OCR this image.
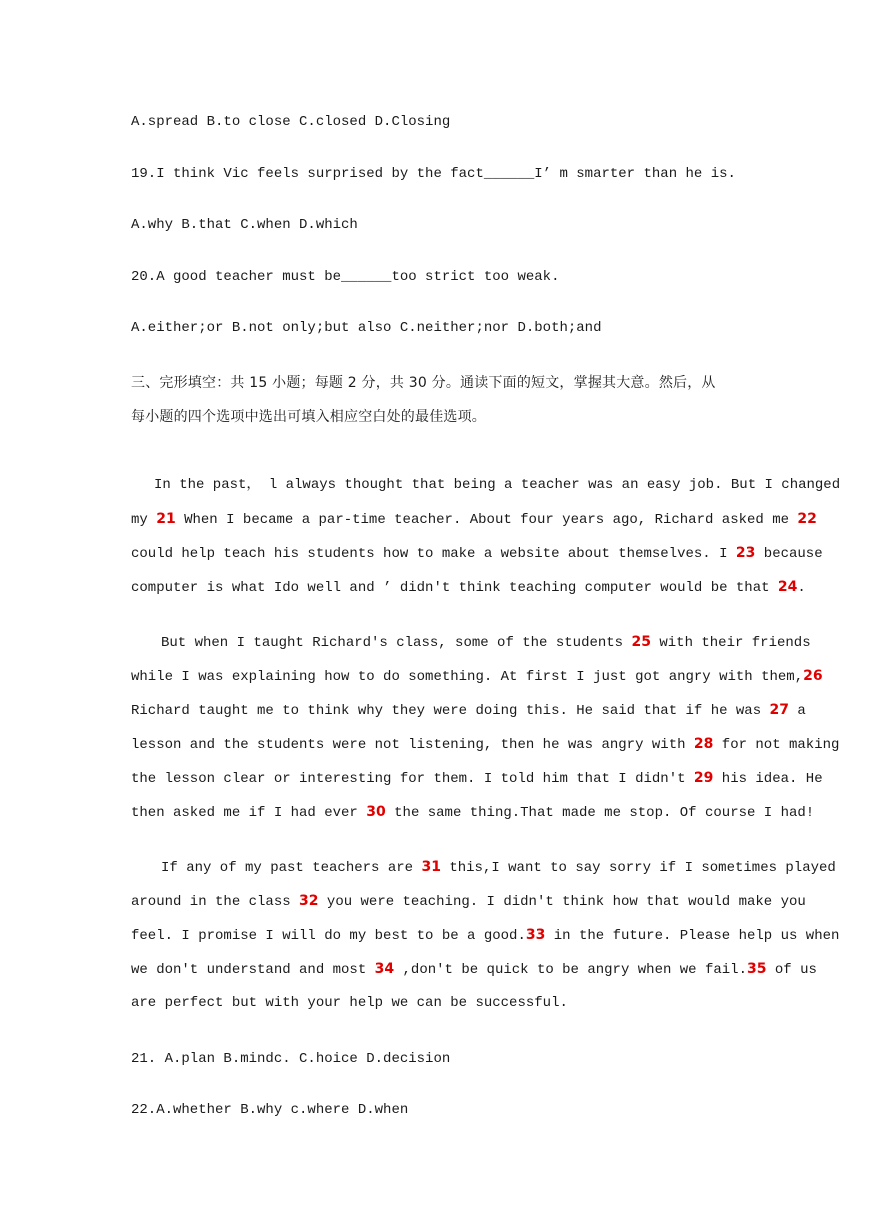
A.spread B.to close C.closed D.Closing

19.I think Vic feels surprised by the fact______I’ m smarter than he is.

A.why B.that C.when D.which

20.A good teacher must be______too strict too weak.

A.either;or B.not only;but also C.neither;nor D.both;and

三、完形填空：共 15 小题；每题 2 分，共 30 分。通读下面的短文，掌握其大意。然后，从
每小题的四个选项中选出可填入相应空白处的最佳选项。
In the past， l always thought that being a teacher was an easy job. But I changed
my 21 When I became a par-time teacher. About four years ago, Richard asked me 22
could help teach his students how to make a website about themselves. I 23 because
computer is what Ido well and ’ didn't think teaching computer would be that 24.
But when I taught Richard's class, some of the students 25 with their friends
while I was explaining how to do something. At first I just got angry with them,26
Richard taught me to think why they were doing this. He said that if he was 27 a
lesson and the students were not listening, then he was angry with 28 for not making
the lesson clear or interesting for them. I told him that I didn't 29 his idea. He
then asked me if I had ever 30 the same thing.That made me stop. Of course I had!
If any of my past teachers are 31 this,I want to say sorry if I sometimes played
around in the class 32 you were teaching. I didn't think how that would make you
feel. I promise I will do my best to be a good.33 in the future. Please help us when
we don't understand and most 34 ,don't be quick to be angry when we fail.35 of us
are perfect but with your help we can be successful.

21. A.plan B.mindc. C.hoice D.decision

22.A.whether B.why c.where D.when
